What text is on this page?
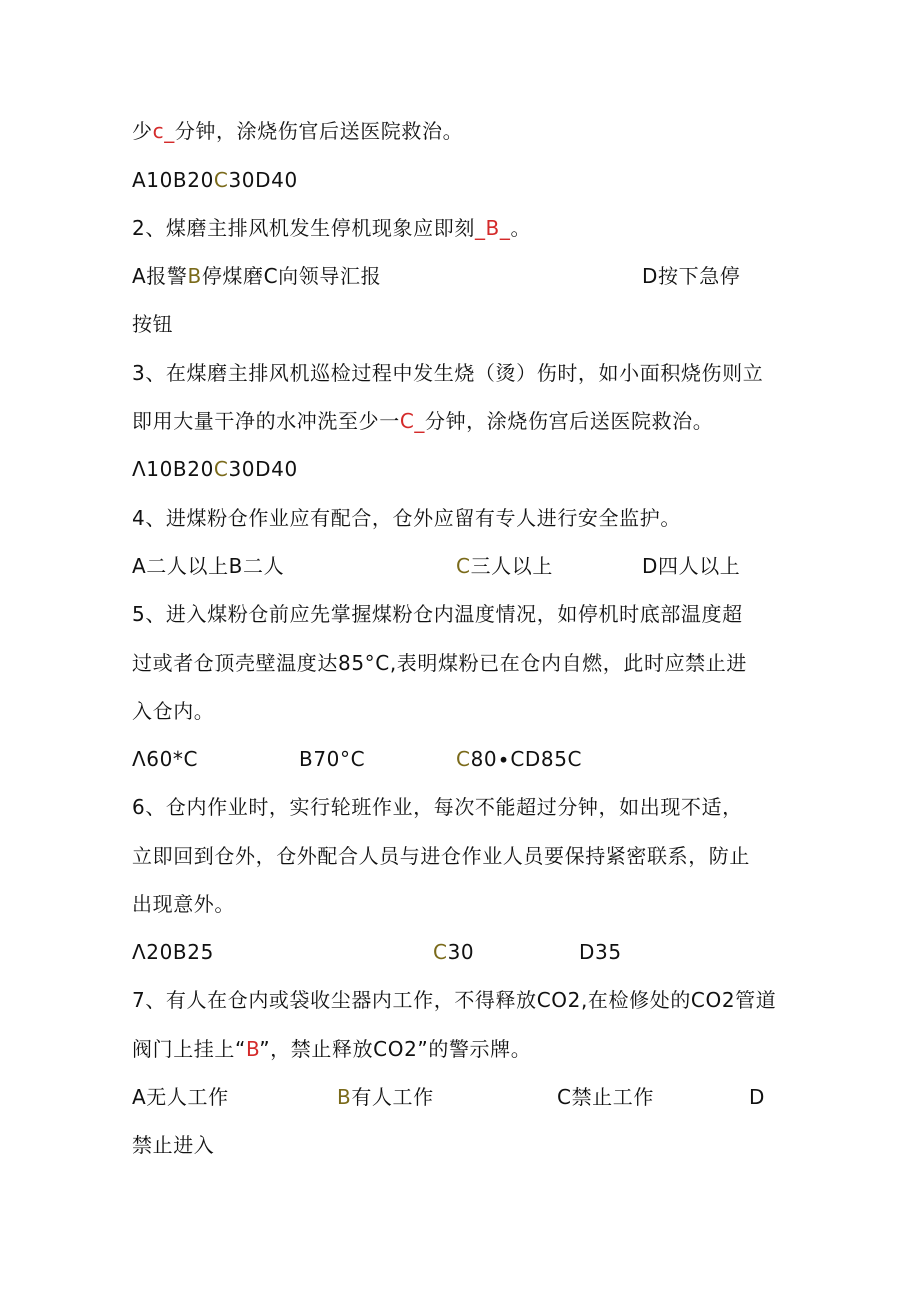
少c_分钟，涂烧伤官后送医院救治。

A10B20C30D40

2、煤磨主排风机发生停机现象应即刻_B_。

A报警B停煤磨C向领导汇报	D按下急停

按钮

3、在煤磨主排风机巡检过程中发生烧（烫）伤时，如小面积烧伤则立

即用大量干净的水冲洗至少一C_分钟，涂烧伤宫后送医院救治。

Λ10B20C30D40

4、进煤粉仓作业应有配合，仓外应留有专人进行安全监护。

A二人以上B二人	C三人以上	D四人以上

5、进入煤粉仓前应先掌握煤粉仓内温度情况，如停机时底部温度超

过或者仓顶壳壁温度达85°C,表明煤粉已在仓内自燃，此时应禁止进

入仓内。

Λ60*C	B70°C	C80∙CD85C

6、仓内作业时，实行轮班作业，每次不能超过分钟，如出现不适，

立即回到仓外，仓外配合人员与进仓作业人员要保持紧密联系，防止

出现意外。

Λ20B25	C30	D35

7、有人在仓内或袋收尘器内工作，不得释放CO2,在检修处的CO2管道

阀门上挂上“B”，禁止释放CO2”的警示牌。

A无人工作	B有人工作	C禁止工作	D

禁止进入
